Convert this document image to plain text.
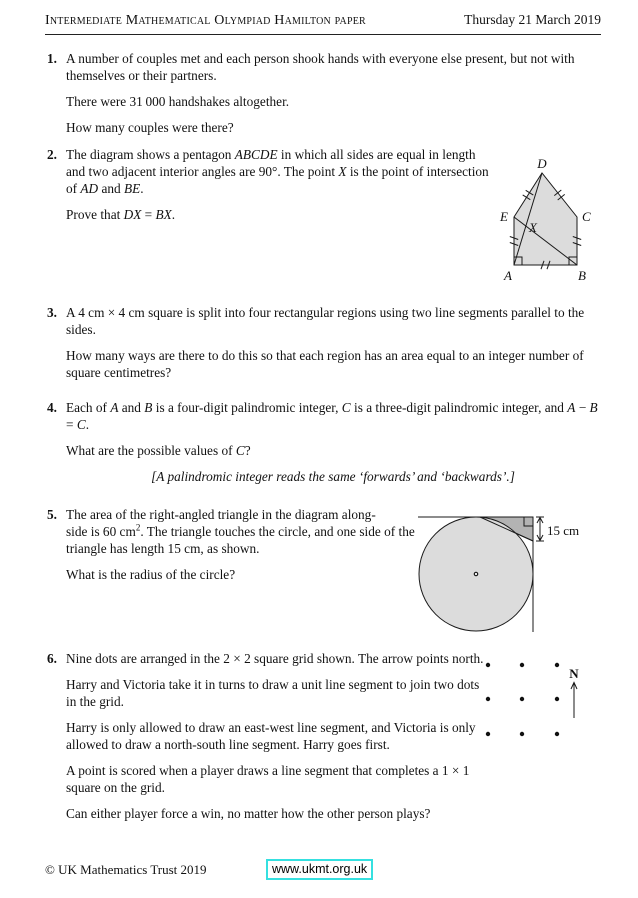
Intermediate Mathematical Olympiad Hamilton paper	Thursday 21 March 2019
1. A number of couples met and each person shook hands with everyone else present, but not with themselves or their partners.

There were 31 000 handshakes altogether.

How many couples were there?

2. The diagram shows a pentagon ABCDE in which all sides are equal in length and two adjacent interior angles are 90°. The point X is the point of intersection of AD and BE.

Prove that DX = BX.

D
E	C
A	B
X
3. A 4 cm × 4 cm square is split into four rectangular regions using two line segments parallel to the sides.

How many ways are there to do this so that each region has an area equal to an integer number of square centimetres?

4. Each of A and B is a four-digit palindromic integer, C is a three-digit palindromic integer, and A − B = C.

What are the possible values of C?

[A palindromic integer reads the same ‘forwards’ and ‘backwards’.]

5. The area of the right-angled triangle in the diagram along-
side is 60 $cm^2$. The triangle touches the circle, and one side of the triangle has length 15 cm, as shown.

What is the radius of the circle?

15 cm
6. Nine dots are arranged in the 2 × 2 square grid shown. The arrow points north.

Harry and Victoria take it in turns to draw a unit line segment to join two dots in the grid.

Harry is only allowed to draw an east-west line segment, and Victoria is only allowed to draw a north-south line segment. Harry goes first.

A point is scored when a player draws a line segment that completes a 1 × 1 square on the grid.

Can either player force a win, no matter how the other person plays?

N
© UK Mathematics Trust 2019	www.ukmt.org.uk
